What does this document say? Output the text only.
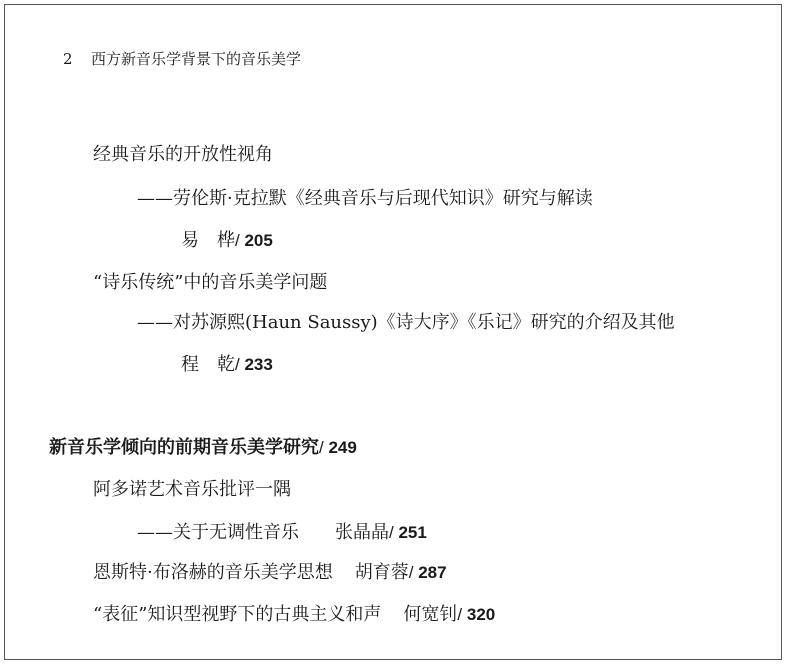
2 西方新音乐学背景下的音乐美学
经典音乐的开放性视角
——劳伦斯·克拉默《经典音乐与后现代知识》研究与解读
易　桦/ 205
“诗乐传统”中的音乐美学问题
——对苏源熙(Haun Saussy)《诗大序》《乐记》研究的介绍及其他
程　乾/ 233
新音乐学倾向的前期音乐美学研究/ 249
阿多诺艺术音乐批评一隅
——关于无调性音乐 张晶晶/ 251
恩斯特·布洛赫的音乐美学思想 胡育蓉/ 287
“表征”知识型视野下的古典主义和声 何宽钊/ 320
